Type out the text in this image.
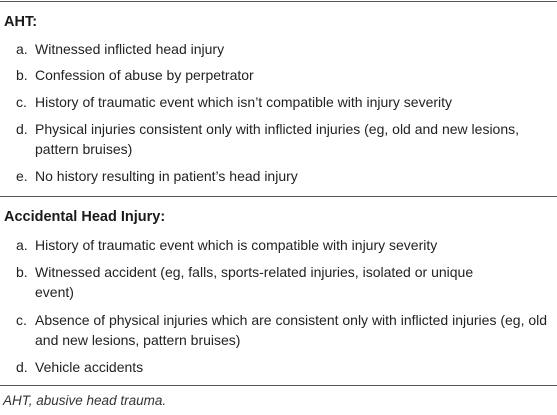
AHT:
a. Witnessed inflicted head injury
b. Confession of abuse by perpetrator
c. History of traumatic event which isn’t compatible with injury severity
d. Physical injuries consistent only with inflicted injuries (eg, old and new lesions, pattern bruises)
e. No history resulting in patient’s head injury
Accidental Head Injury:
a. History of traumatic event which is compatible with injury severity
b. Witnessed accident (eg, falls, sports-related injuries, isolated or unique event)
c. Absence of physical injuries which are consistent only with inflicted injuries (eg, old and new lesions, pattern bruises)
d. Vehicle accidents
AHT, abusive head trauma.
